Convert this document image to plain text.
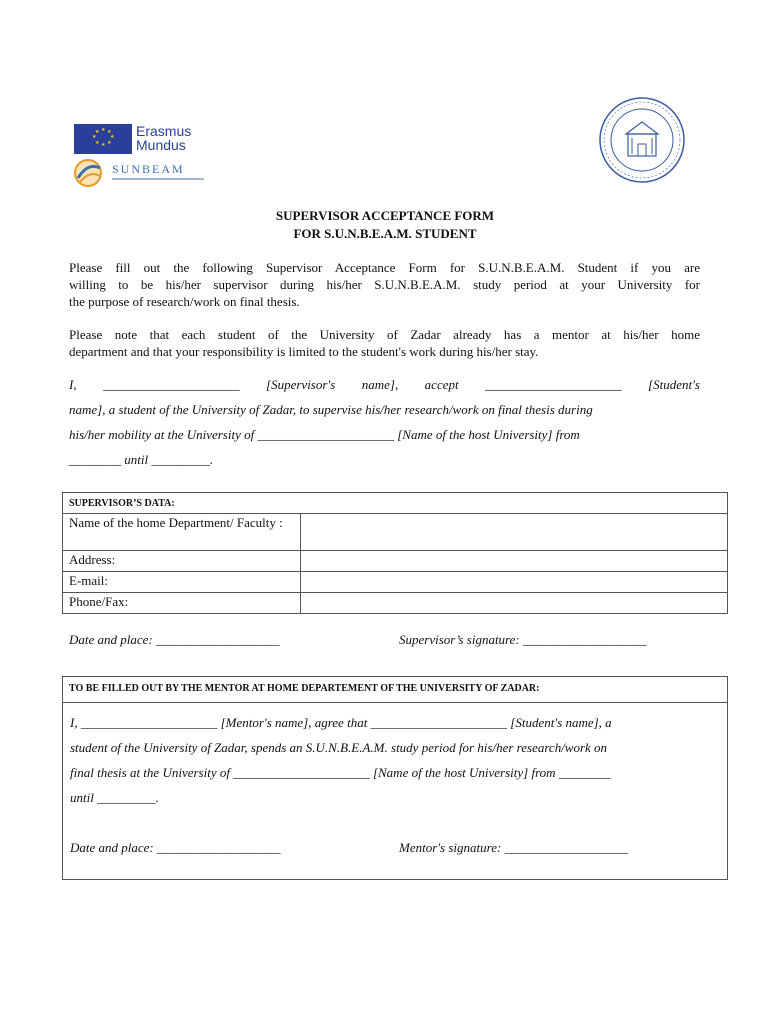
★ ★
★
★
★
★
★
★	Erasmus
Mundus
SUNBEAM
SUPERVISOR ACCEPTANCE FORM
FOR S.U.N.B.E.A.M. STUDENT
Please fill out the following Supervisor Acceptance Form for S.U.N.B.E.A.M. Student if you are
willing to be his/her supervisor during his/her S.U.N.B.E.A.M. study period at your University for
the purpose of research/work on final thesis.
Please note that each student of the University of Zadar already has a mentor at his/her home
department and that your responsibility is limited to the student's work during his/her stay.
I, _____________________ [Supervisor's name], accept _____________________ [Student's
name], a student of the University of Zadar, to supervise his/her research/work on final thesis during
his/her mobility at the University of _____________________ [Name of the host University] from
________ until _________.
SUPERVISOR’S DATA:	
Name of the home Department/ Faculty :	
Address:	
E-mail:	
Phone/Fax:	
Date and place: ___________________	Supervisor’s signature: ___________________
TO BE FILLED OUT BY THE MENTOR AT HOME DEPARTEMENT OF THE UNIVERSITY OF ZADAR:
I, _____________________ [Mentor's name], agree that _____________________ [Student's name], a
student of the University of Zadar, spends an S.U.N.B.E.A.M. study period for his/her research/work on
final thesis at the University of _____________________ [Name of the host University] from ________
until _________.
Date and place: ___________________	Mentor's signature: ___________________
